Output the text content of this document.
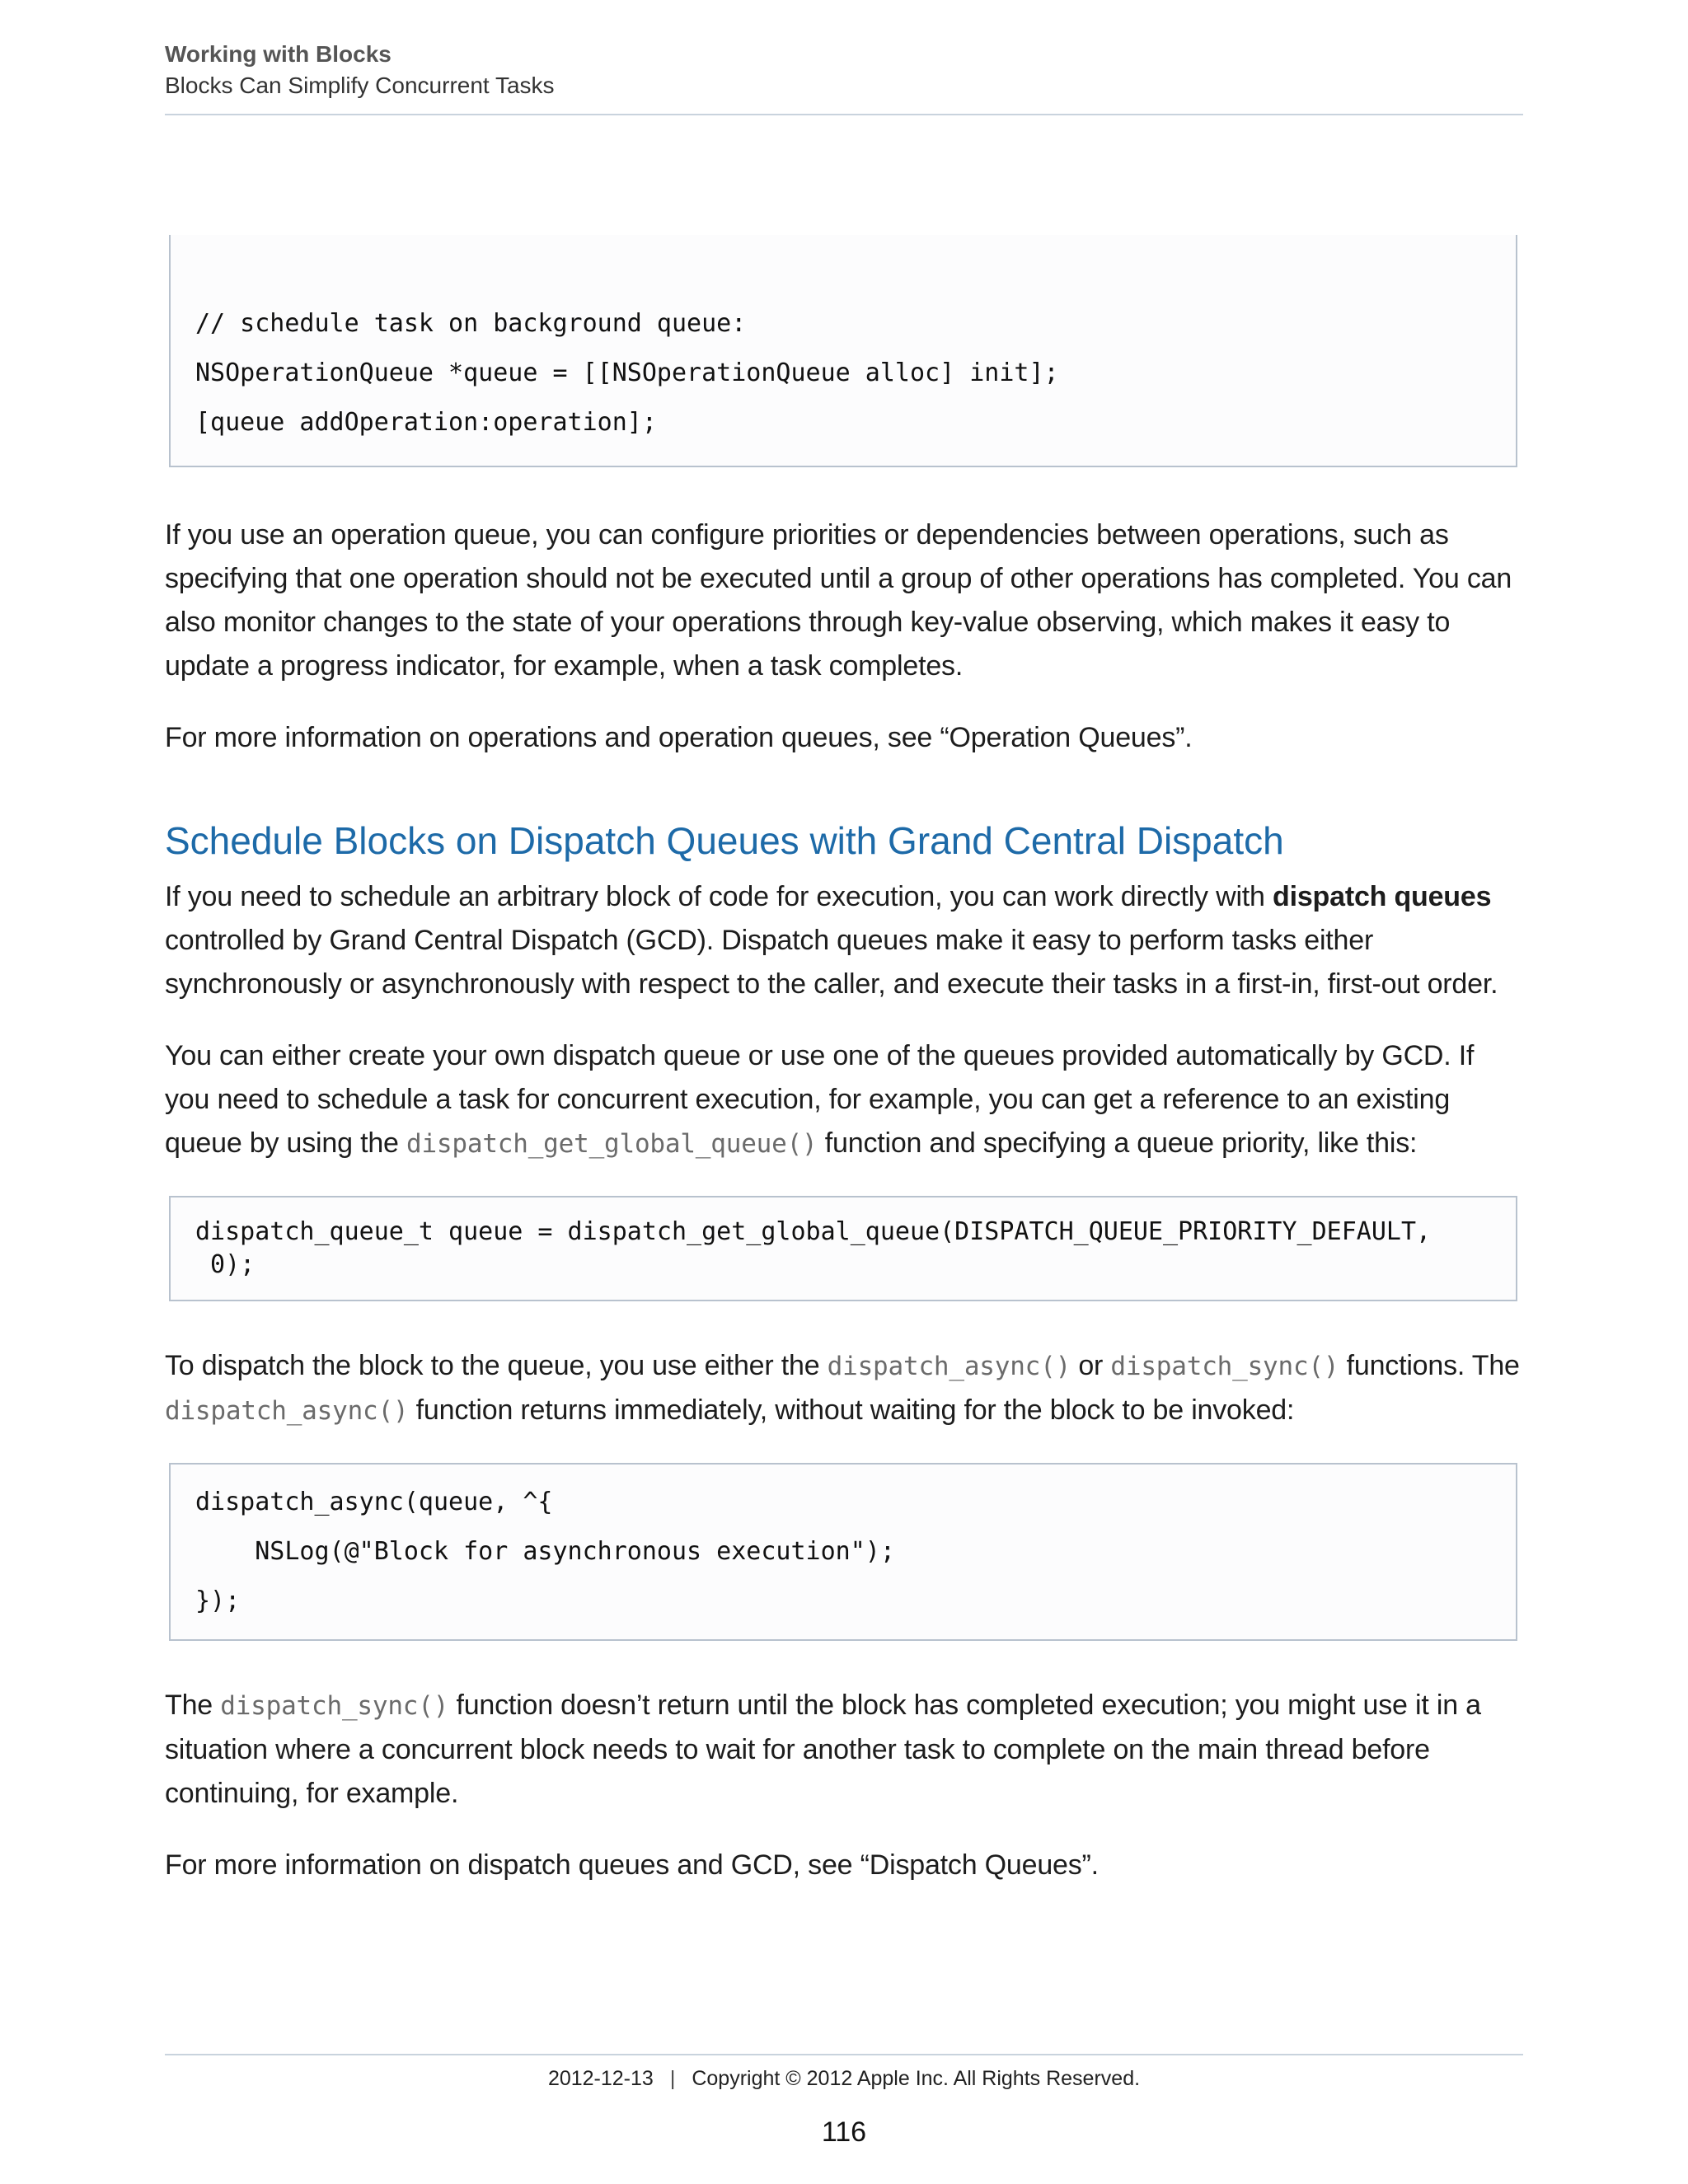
Working with Blocks
Blocks Can Simplify Concurrent Tasks
// schedule task on background queue:
NSOperationQueue *queue = [[NSOperationQueue alloc] init];
[queue addOperation:operation];

If you use an operation queue, you can configure priorities or dependencies between operations, such as specifying that one operation should not be executed until a group of other operations has completed. You can also monitor changes to the state of your operations through key-value observing, which makes it easy to update a progress indicator, for example, when a task completes.

For more information on operations and operation queues, see “Operation Queues”.

Schedule Blocks on Dispatch Queues with Grand Central Dispatch

If you need to schedule an arbitrary block of code for execution, you can work directly with dispatch queues controlled by Grand Central Dispatch (GCD). Dispatch queues make it easy to perform tasks either synchronously or asynchronously with respect to the caller, and execute their tasks in a first-in, first-out order.

You can either create your own dispatch queue or use one of the queues provided automatically by GCD. If you need to schedule a task for concurrent execution, for example, you can get a reference to an existing queue by using the dispatch_get_global_queue() function and specifying a queue priority, like this:

dispatch_queue_t queue = dispatch_get_global_queue(DISPATCH_QUEUE_PRIORITY_DEFAULT,
0);

To dispatch the block to the queue, you use either the dispatch_async() or dispatch_sync() functions. The dispatch_async() function returns immediately, without waiting for the block to be invoked:

dispatch_async(queue, ^{
NSLog(@"Block for asynchronous execution");
});

The dispatch_sync() function doesn’t return until the block has completed execution; you might use it in a situation where a concurrent block needs to wait for another task to complete on the main thread before continuing, for example.

For more information on dispatch queues and GCD, see “Dispatch Queues”.

2012-12-13 | Copyright © 2012 Apple Inc. All Rights Reserved.
116
